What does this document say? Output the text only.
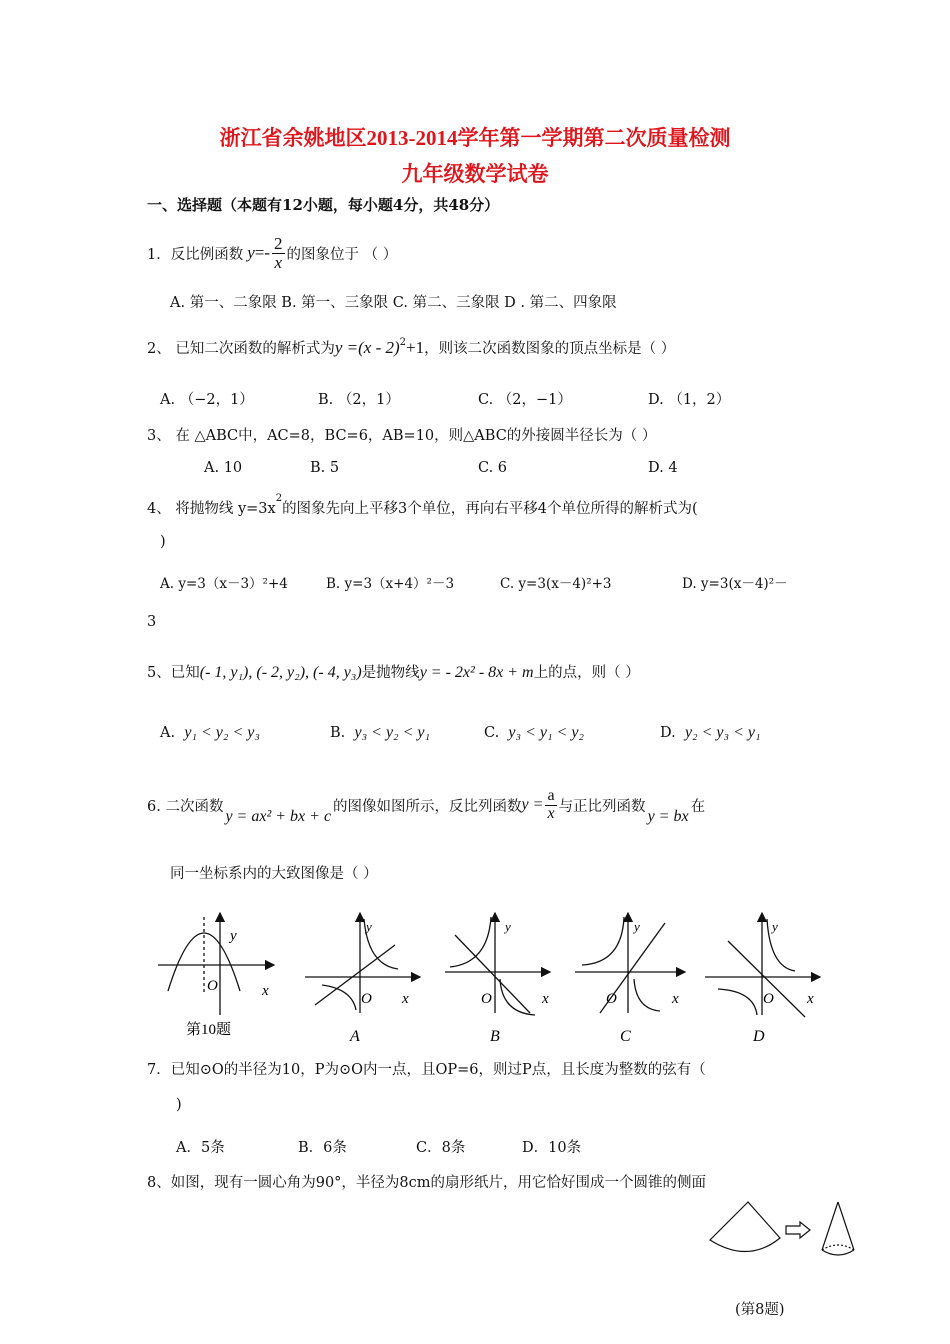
浙江省余姚地区2013-2014学年第一学期第二次质量检测
九年级数学试卷
一、选择题（本题有12小题，每小题4分，共48分）
1．反比例函数 $y =- \frac{2}{x}$ 的图象位于 （ ）
A. 第一、二象限 B. 第一、三象限 C. 第二、三象限 D . 第二、四象限
2、 已知二次函数的解析式为 y =(x - 2)$^2$ +1 ，则该二次函数图象的顶点坐标是（ ）
A. （−2，1）	B. （2，1）	C. （2，−1）	D. （1，2）
3、 在 △ABC中，AC=8，BC=6，AB=10，则△ABC的外接圆半径长为（ ）
A. 10	B. 5	C. 6	D. 4
4、 将抛物线 $y=3x^2$的图象先向上平移3个单位，再向右平移4个单位所得的解析式为(
)
A. y=3（x－3）²+4	B. y=3（x+4）²－3	C. y=3(x－4)²+3	D. y=3(x－4)²－
3
5、已知 (- 1, y₁), (- 2, y₂), (- 4, y₃) 是抛物线 y = - 2x² - 8x + m 上的点，则（ ）
A. y₁ < y₂ < y₃	B. y₃ < y₂ < y₁	C. y₃ < y₁ < y₂	D. y₂ < y₃ < y₁
6. 二次函数
y = ax² + bx + c
的图像如图所示，反比列函数 $y = \frac{a}{x}$ 与正比列函数
y = bx
在
同一坐标系内的大致图像是（ ）
y
O	x
y
O x
y
O	x
y
O	x
y
O x
第10题	A	B	C	D
7．已知⊙O的半径为10，P为⊙O内一点，且OP=6，则过P点，且长度为整数的弦有（
)
A．5条	B．6条	C．8条	D．10条
8、如图，现有一圆心角为90°，半径为8cm的扇形纸片，用它恰好围成一个圆锥的侧面
(第8题)
